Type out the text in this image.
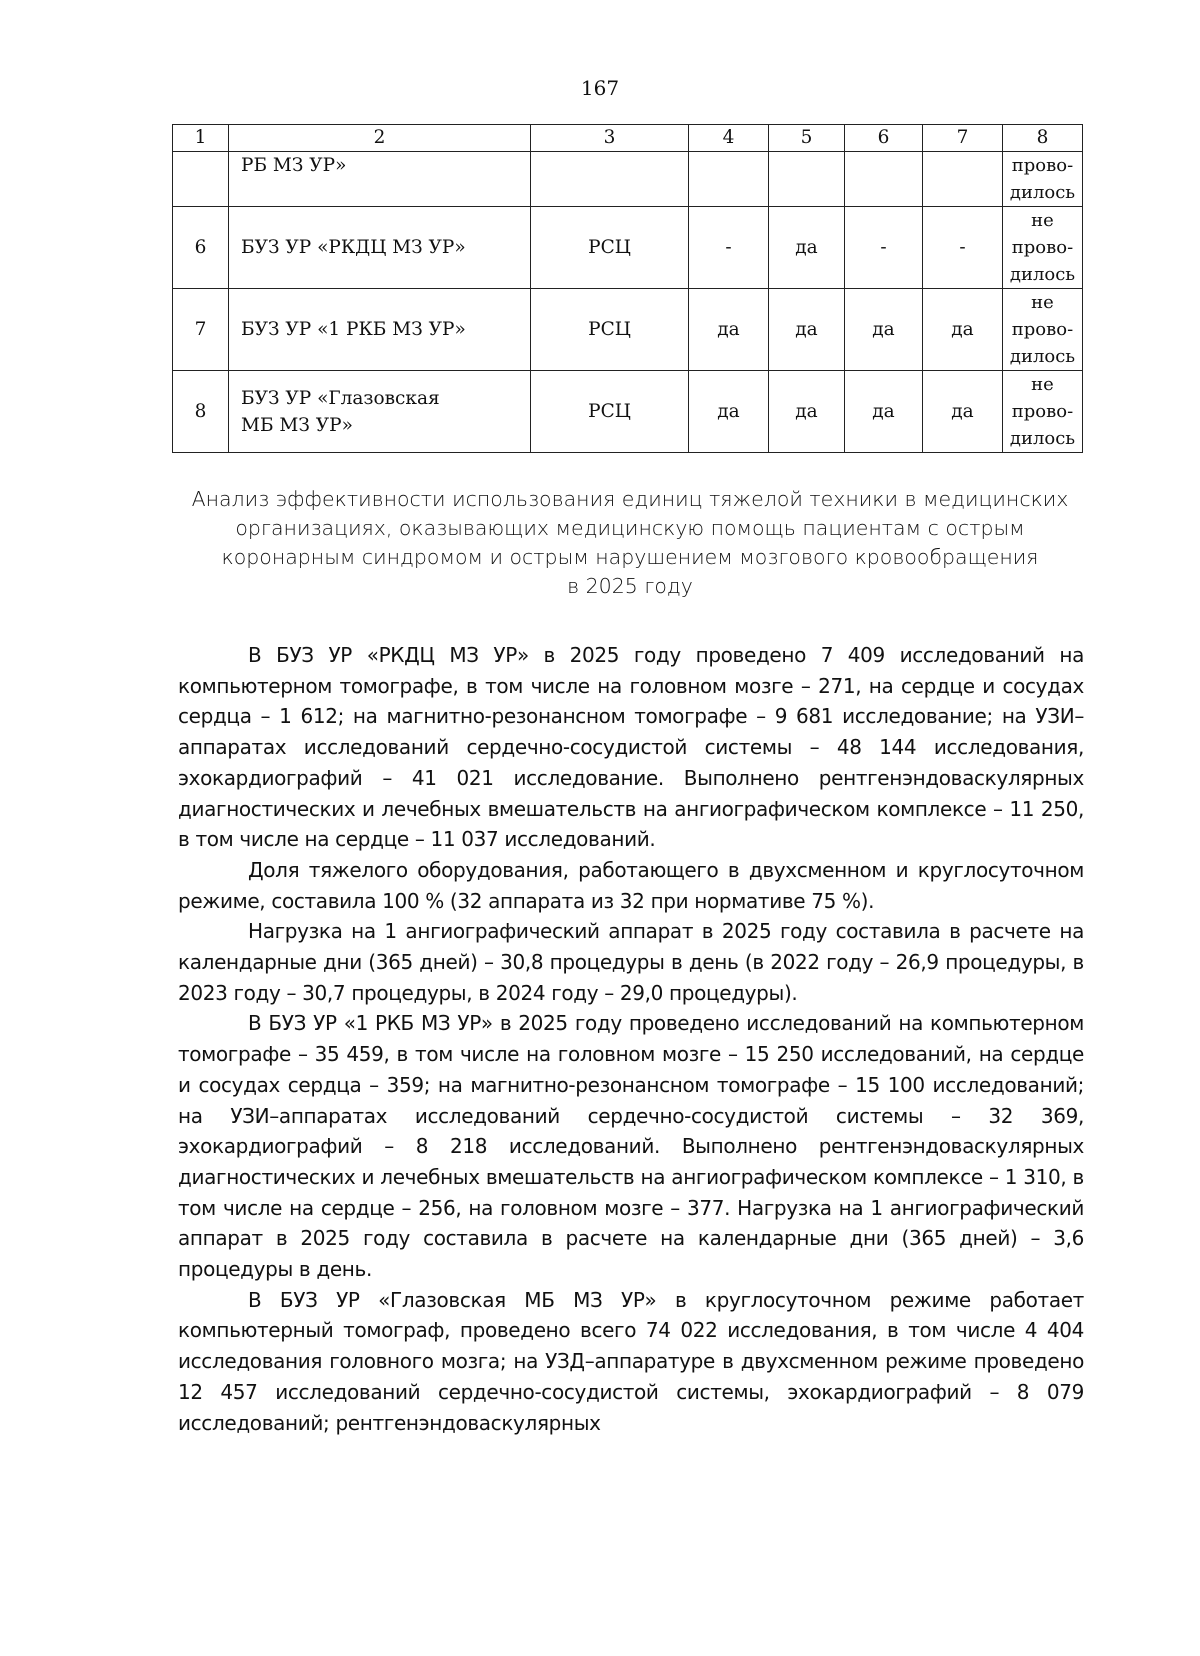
167
1	2	3	4	5	6	7	8
	РБ МЗ УР»						прово-
дилось
6	БУЗ УР «РКДЦ МЗ УР»	РСЦ	-	да	-	-	не
прово-
дилось
7	БУЗ УР «1 РКБ МЗ УР»	РСЦ	да	да	да	да	не
прово-
дилось
8	БУЗ УР «Глазовская
МБ МЗ УР»	РСЦ	да	да	да	да	не
прово-
дилось
Анализ эффективности использования единиц тяжелой техники в медицинских
организациях, оказывающих медицинскую помощь пациентам с острым
коронарным синдромом и острым нарушением мозгового кровообращения
в 2025 году

В БУЗ УР «РКДЦ МЗ УР» в 2025 году проведено 7 409 исследований на компьютерном томографе, в том числе на головном мозге – 271, на сердце и сосудах сердца – 1 612; на магнитно-резонансном томографе – 9 681 исследование; на УЗИ–аппаратах исследований сердечно-сосудистой системы – 48 144 исследования, эхокардиографий – 41 021 исследование. Выполнено рентгенэндоваскулярных диагностических и лечебных вмешательств на ангиографическом комплексе – 11 250, в том числе на сердце – 11 037 исследований.

Доля тяжелого оборудования, работающего в двухсменном и круглосуточном режиме, составила 100 % (32 аппарата из 32 при нормативе 75 %).

Нагрузка на 1 ангиографический аппарат в 2025 году составила в расчете на календарные дни (365 дней) – 30,8 процедуры в день (в 2022 году – 26,9 процедуры, в 2023 году – 30,7 процедуры, в 2024 году – 29,0 процедуры).

В БУЗ УР «1 РКБ МЗ УР» в 2025 году проведено исследований на компьютерном томографе – 35 459, в том числе на головном мозге – 15 250 исследований, на сердце и сосудах сердца – 359; на магнитно-резонансном томографе – 15 100 исследований; на УЗИ–аппаратах исследований сердечно-сосудистой системы – 32 369, эхокардиографий – 8 218 исследований. Выполнено рентгенэндоваскулярных диагностических и лечебных вмешательств на ангиографическом комплексе – 1 310, в том числе на сердце – 256, на головном мозге – 377. Нагрузка на 1 ангиографический аппарат в 2025 году составила в расчете на календарные дни (365 дней) – 3,6 процедуры в день.

В БУЗ УР «Глазовская МБ МЗ УР» в круглосуточном режиме работает компьютерный томограф, проведено всего 74 022 исследования, в том числе 4 404 исследования головного мозга; на УЗД–аппаратуре в двухсменном режиме проведено 12 457 исследований сердечно-сосудистой системы, эхокардиографий – 8 079 исследований; рентгенэндоваскулярных
